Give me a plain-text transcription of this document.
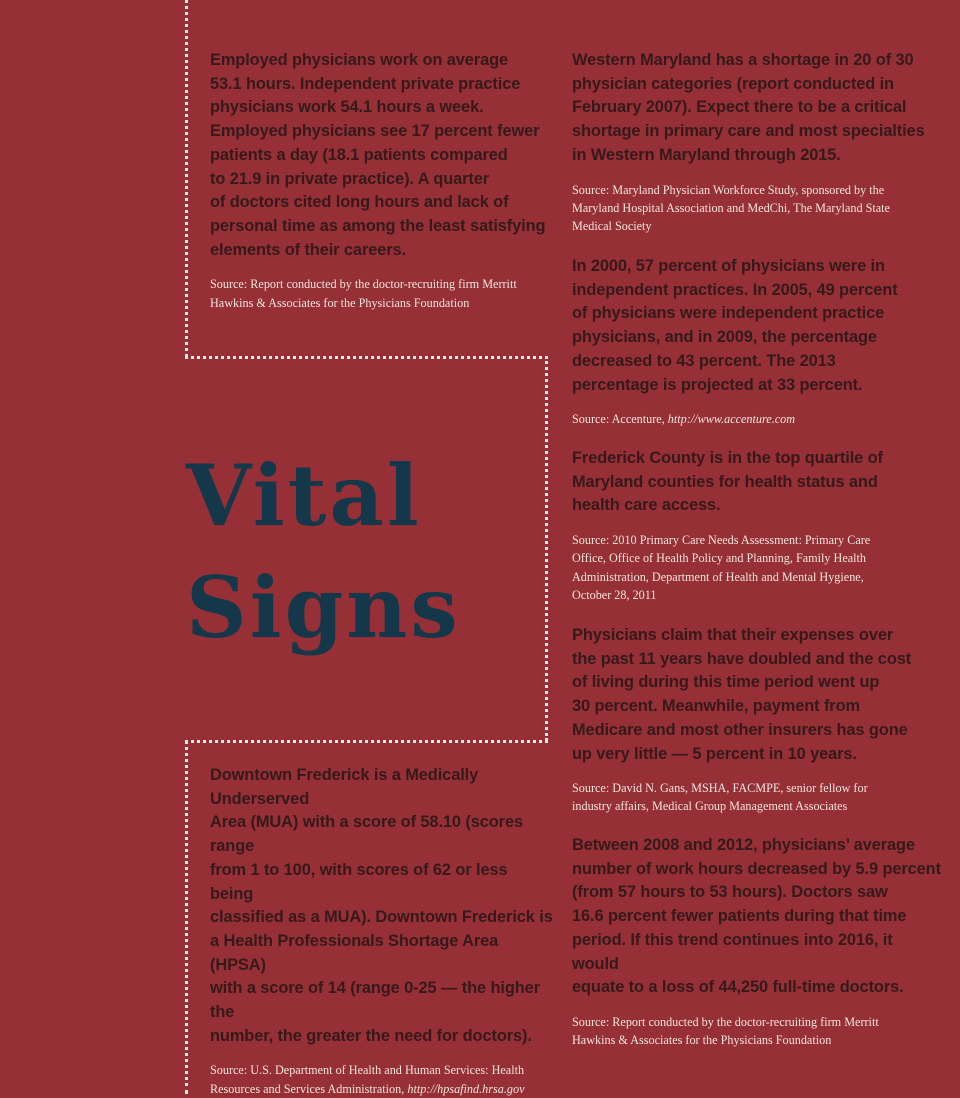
Vital
Signs

Employed physicians work on average
53.1 hours. Independent private practice
physicians work 54.1 hours a week.
Employed physicians see 17 percent fewer
patients a day (18.1 patients compared
to 21.9 in private practice). A quarter
of doctors cited long hours and lack of
personal time as among the least satisfying
elements of their careers.

Source: Report conducted by the doctor-recruiting firm Merritt
Hawkins & Associates for the Physicians Foundation

Downtown Frederick is a Medically Underserved
Area (MUA) with a score of 58.10 (scores range
from 1 to 100, with scores of 62 or less being
classified as a MUA). Downtown Frederick is
a Health Professionals Shortage Area (HPSA)
with a score of 14 (range 0-25 — the higher the
number, the greater the need for doctors).

Source: U.S. Department of Health and Human Services: Health
Resources and Services Administration, http://hpsafind.hrsa.gov

Western Maryland has a shortage in 20 of 30
physician categories (report conducted in
February 2007). Expect there to be a critical
shortage in primary care and most specialties
in Western Maryland through 2015.

Source: Maryland Physician Workforce Study, sponsored by the
Maryland Hospital Association and MedChi, The Maryland State
Medical Society

In 2000, 57 percent of physicians were in
independent practices. In 2005, 49 percent
of physicians were independent practice
physicians, and in 2009, the percentage
decreased to 43 percent. The 2013
percentage is projected at 33 percent.

Source: Accenture, http://www.accenture.com

Frederick County is in the top quartile of
Maryland counties for health status and
health care access.

Source: 2010 Primary Care Needs Assessment: Primary Care
Office, Office of Health Policy and Planning, Family Health
Administration, Department of Health and Mental Hygiene,
October 28, 2011

Physicians claim that their expenses over
the past 11 years have doubled and the cost
of living during this time period went up
30 percent. Meanwhile, payment from
Medicare and most other insurers has gone
up very little — 5 percent in 10 years.

Source: David N. Gans, MSHA, FACMPE, senior fellow for
industry affairs, Medical Group Management Associates

Between 2008 and 2012, physicians’ average
number of work hours decreased by 5.9 percent
(from 57 hours to 53 hours). Doctors saw
16.6 percent fewer patients during that time
period. If this trend continues into 2016, it would
equate to a loss of 44,250 full-time doctors.

Source: Report conducted by the doctor-recruiting firm Merritt
Hawkins & Associates for the Physicians Foundation
